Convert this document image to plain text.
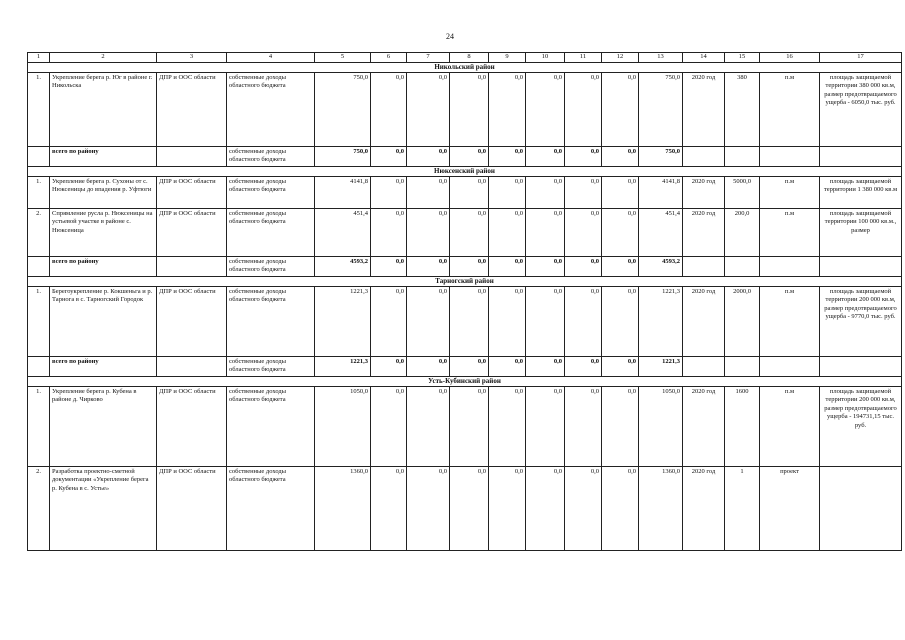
24
1	2	3	4	5	6	7	8	9	10	11	12	13	14	15	16	17
Никольский район																
1.	Укрепление берега р. Юг в районе г. Никольска	ДПР и ООС области	собственные доходы областного бюджета	750,0	0,0	0,0	0,0	0,0	0,0	0,0	0,0	750,0	2020 год	380	п.м	площадь защищаемой территории 380 000 кв.м, размер предотвращаемого ущерба - 6050,0 тыс. руб.
	всего по району		собственные доходы областного бюджета	750,0	0,0	0,0	0,0	0,0	0,0	0,0	0,0	750,0				
Нюксенский район																
1.	Укрепление берега р. Сухоны от с. Нюксеницы до впадения р. Уфтюги	ДПР и ООС области	собственные доходы областного бюджета	4141,8	0,0	0,0	0,0	0,0	0,0	0,0	0,0	4141,8	2020 год	5000,0	п.м	площадь защищаемой территории 1 380 000 кв.м
2.	Спрямление русла р. Нюксеницы на устьевой участке в районе с. Нюксеница	ДПР и ООС области	собственные доходы областного бюджета	451,4	0,0	0,0	0,0	0,0	0,0	0,0	0,0	451,4	2020 год	200,0	п.м	площадь защищаемой территории 100 000 кв.м., размер
	всего по району		собственные доходы областного бюджета	4593,2	0,0	0,0	0,0	0,0	0,0	0,0	0,0	4593,2				
Тарногский район																
1.	Берегоукрепление р. Кокшеньга и р. Тарнога в с. Тарногский Городок	ДПР и ООС области	собственные доходы областного бюджета	1221,3	0,0	0,0	0,0	0,0	0,0	0,0	0,0	1221,3	2020 год	2000,0	п.м	площадь защищаемой территории 200 000 кв.м, размер предотвращаемого ущерба - 9770,0 тыс. руб.
	всего по району		собственные доходы областного бюджета	1221,3	0,0	0,0	0,0	0,0	0,0	0,0	0,0	1221,3				
Усть-Кубинский район																
1.	Укрепление берега р. Кубена в районе д. Чирково	ДПР и ООС области	собственные доходы областного бюджета	1050,0	0,0	0,0	0,0	0,0	0,0	0,0	0,0	1050,0	2020 год	1600	п.м	площадь защищаемой территории 200 000 кв.м, размер предотвращаемого ущерба - 194731,15 тыс. руб.
2.	Разработка проектно-сметной документации «Укрепление берега р. Кубена в с. Устье»	ДПР и ООС области	собственные доходы областного бюджета	1360,0	0,0	0,0	0,0	0,0	0,0	0,0	0,0	1360,0	2020 год	1	проект	
